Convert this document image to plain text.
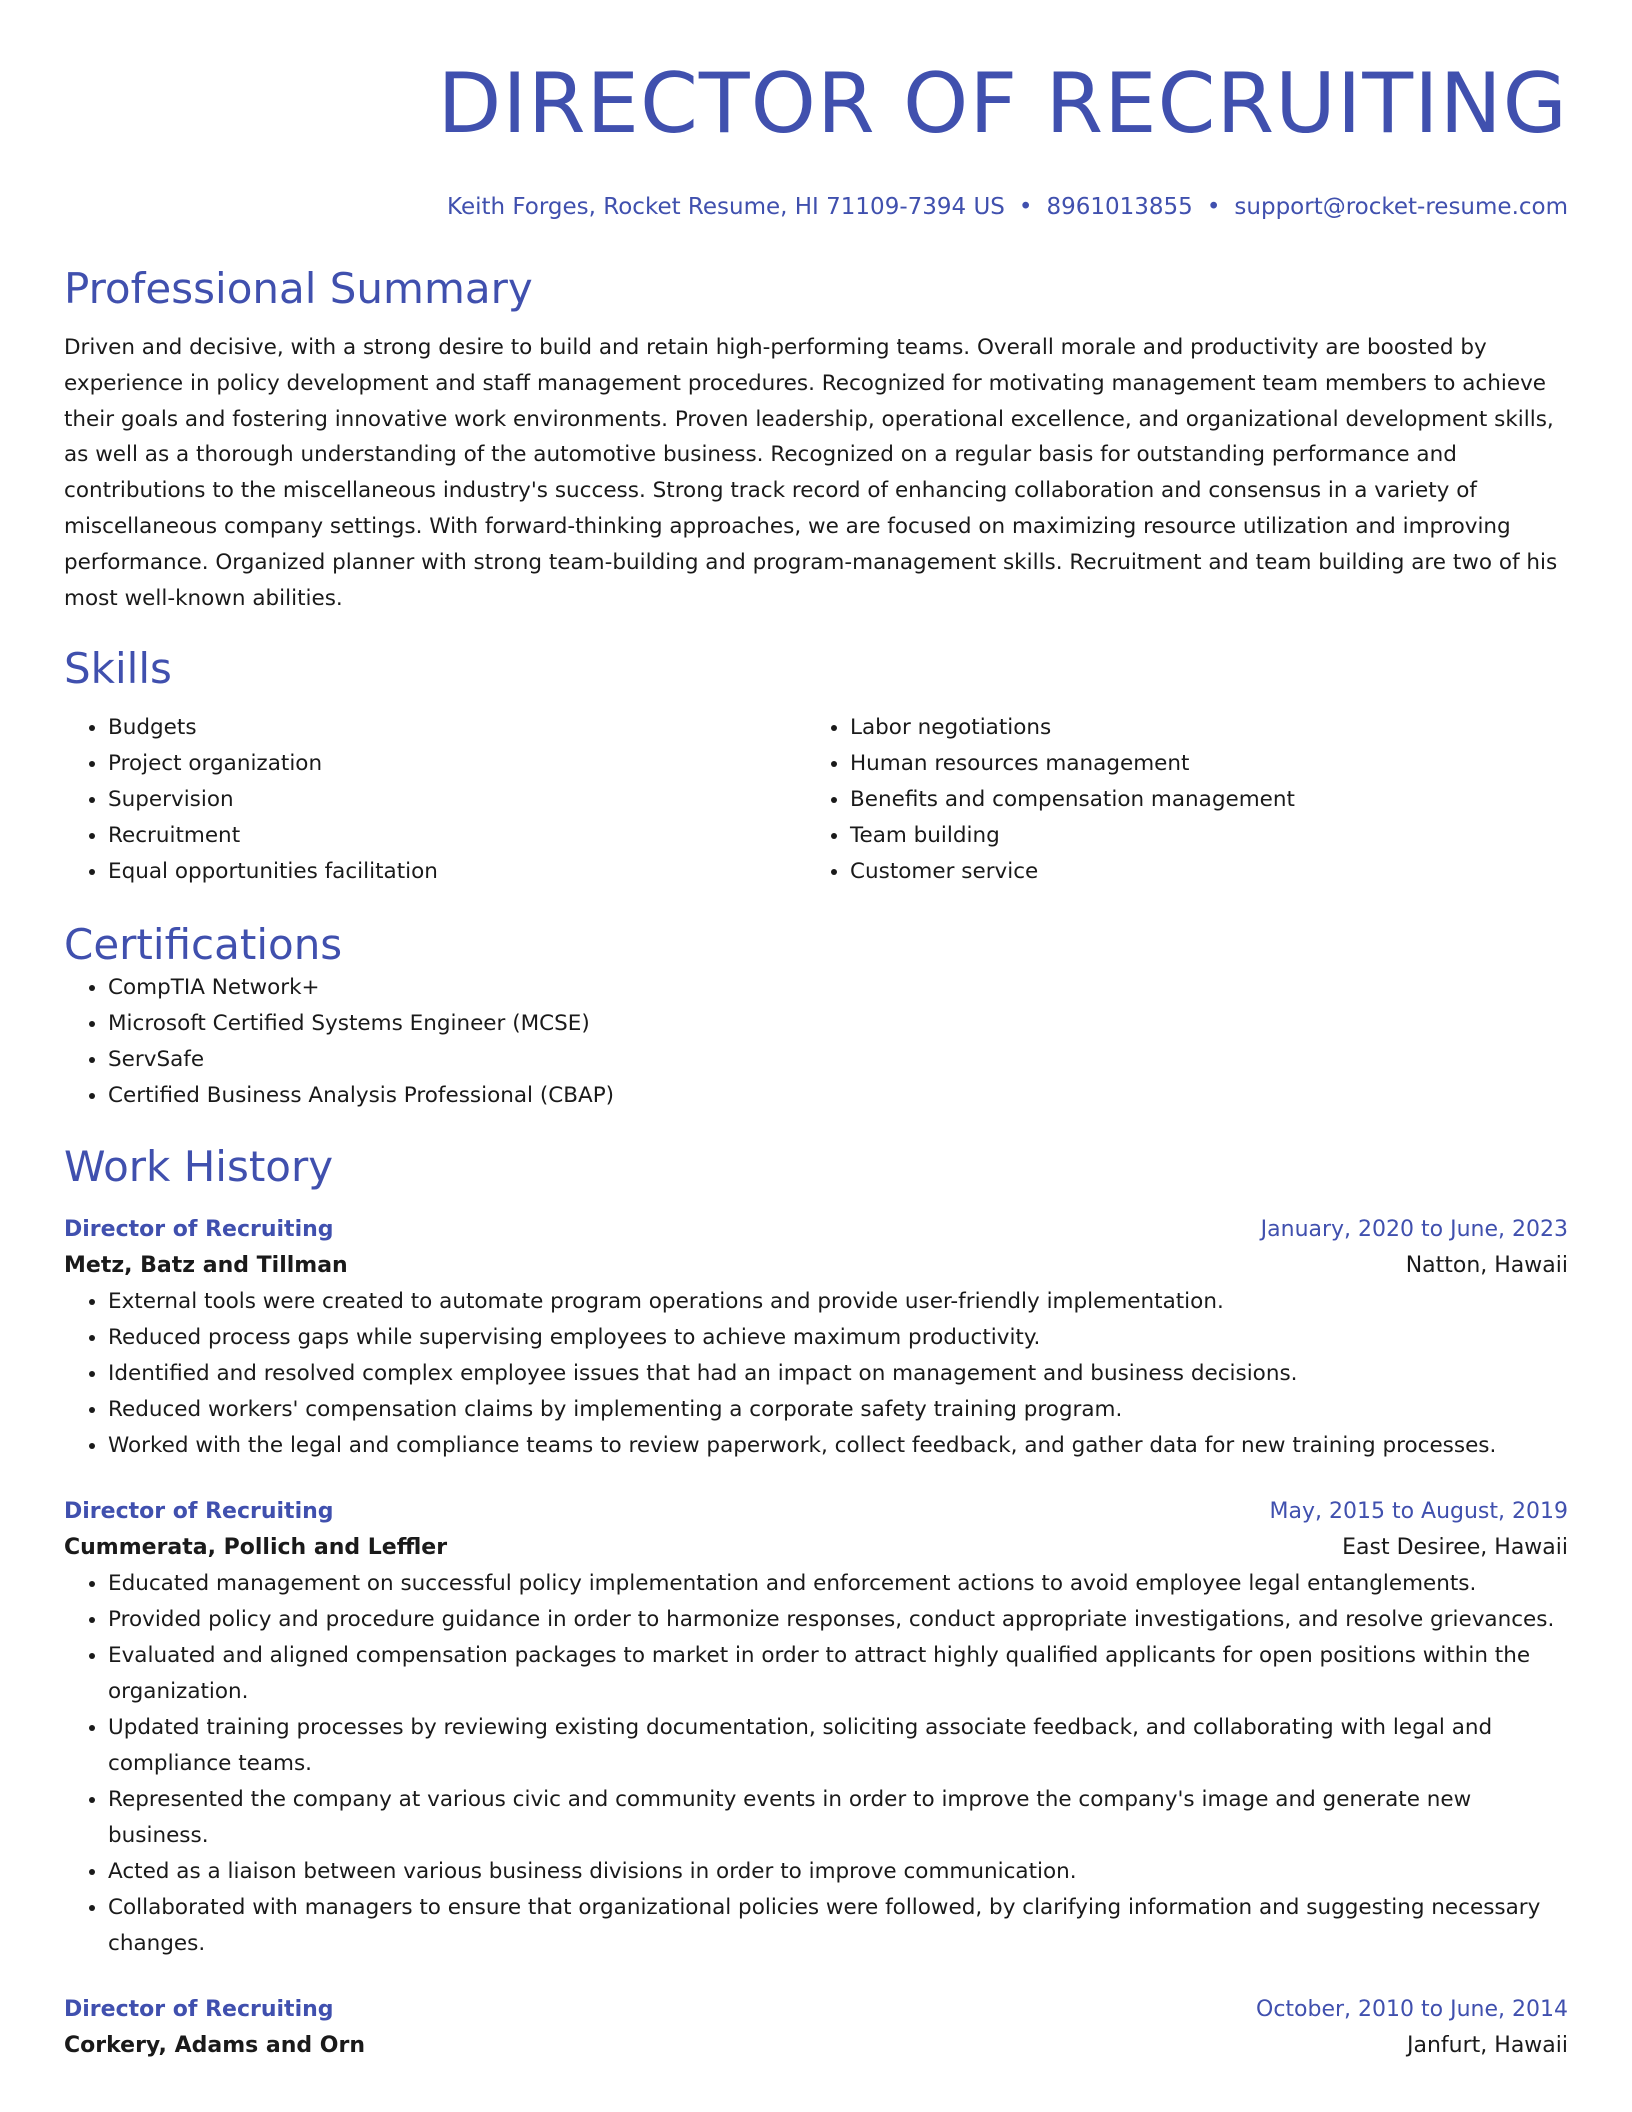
DIRECTOR OF RECRUITING
Keith Forges, Rocket Resume, HI 71109-7394 US • 8961013855 • support@rocket-resume.com
Professional Summary
Driven and decisive, with a strong desire to build and retain high-performing teams. Overall morale and productivity are boosted by experience in policy development and staff management procedures. Recognized for motivating management team members to achieve their goals and fostering innovative work environments. Proven leadership, operational excellence, and organizational development skills, as well as a thorough understanding of the automotive business. Recognized on a regular basis for outstanding performance and contributions to the miscellaneous industry's success. Strong track record of enhancing collaboration and consensus in a variety of miscellaneous company settings. With forward-thinking approaches, we are focused on maximizing resource utilization and improving performance. Organized planner with strong team-building and program-management skills. Recruitment and team building are two of his most well-known abilities.
Skills
• Budgets
• Project organization
• Supervision
• Recruitment
• Equal opportunities facilitation
• Labor negotiations
• Human resources management
• Benefits and compensation management
• Team building
• Customer service
Certifications
• CompTIA Network+
• Microsoft Certified Systems Engineer (MCSE)
• ServSafe
• Certified Business Analysis Professional (CBAP)
Work History
Director of Recruiting	January, 2020 to June, 2023
Metz, Batz and Tillman	Natton, Hawaii
• External tools were created to automate program operations and provide user-friendly implementation.
• Reduced process gaps while supervising employees to achieve maximum productivity.
• Identified and resolved complex employee issues that had an impact on management and business decisions.
• Reduced workers' compensation claims by implementing a corporate safety training program.
• Worked with the legal and compliance teams to review paperwork, collect feedback, and gather data for new training processes.
Director of Recruiting	May, 2015 to August, 2019
Cummerata, Pollich and Leffler	East Desiree, Hawaii
• Educated management on successful policy implementation and enforcement actions to avoid employee legal entanglements.
• Provided policy and procedure guidance in order to harmonize responses, conduct appropriate investigations, and resolve grievances.
• Evaluated and aligned compensation packages to market in order to attract highly qualified applicants for open positions within the organization.
• Updated training processes by reviewing existing documentation, soliciting associate feedback, and collaborating with legal and compliance teams.
• Represented the company at various civic and community events in order to improve the company's image and generate new business.
• Acted as a liaison between various business divisions in order to improve communication.
• Collaborated with managers to ensure that organizational policies were followed, by clarifying information and suggesting necessary changes.
Director of Recruiting	October, 2010 to June, 2014
Corkery, Adams and Orn	Janfurt, Hawaii
